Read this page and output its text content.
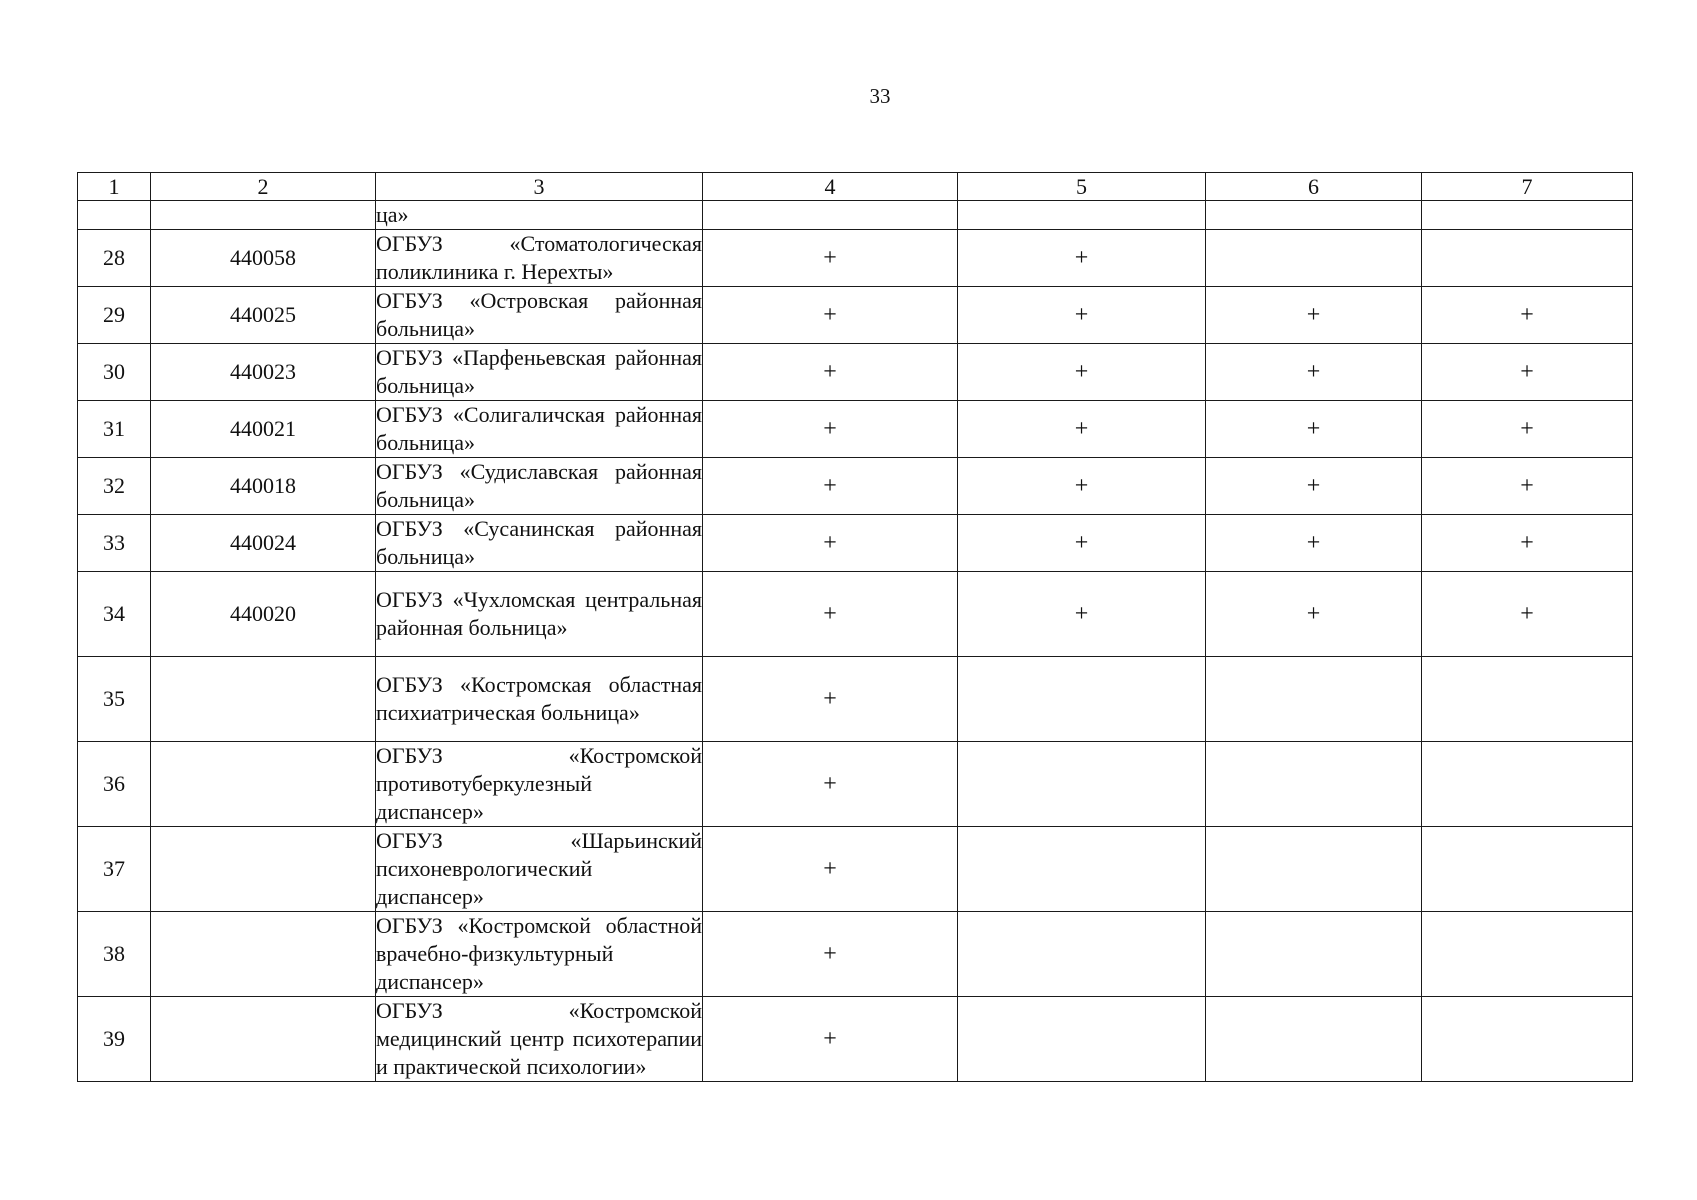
33
1	2	3	4	5	6	7
		ца»				
28	440058	ОГБУЗ «Стоматологическая поликлиника г. Нерехты»	+	+		
29	440025	ОГБУЗ «Островская районная больница»	+	+	+	+
30	440023	ОГБУЗ «Парфеньевская районная больница»	+	+	+	+
31	440021	ОГБУЗ «Солигаличская районная больница»	+	+	+	+
32	440018	ОГБУЗ «Судиславская районная больница»	+	+	+	+
33	440024	ОГБУЗ «Сусанинская районная больница»	+	+	+	+
34	440020	ОГБУЗ «Чухломская центральная районная больница»	+	+	+	+
35		ОГБУЗ «Костромская областная психиатрическая больница»	+			
36		ОГБУЗ «Костромской противотуберкулезный диспансер»	+			
37		ОГБУЗ «Шарьинский психоневрологический диспансер»	+			
38		ОГБУЗ «Костромской областной врачебно-физкультурный диспансер»	+			
39		ОГБУЗ «Костромской медицинский центр психотерапии и практической психологии»	+			
